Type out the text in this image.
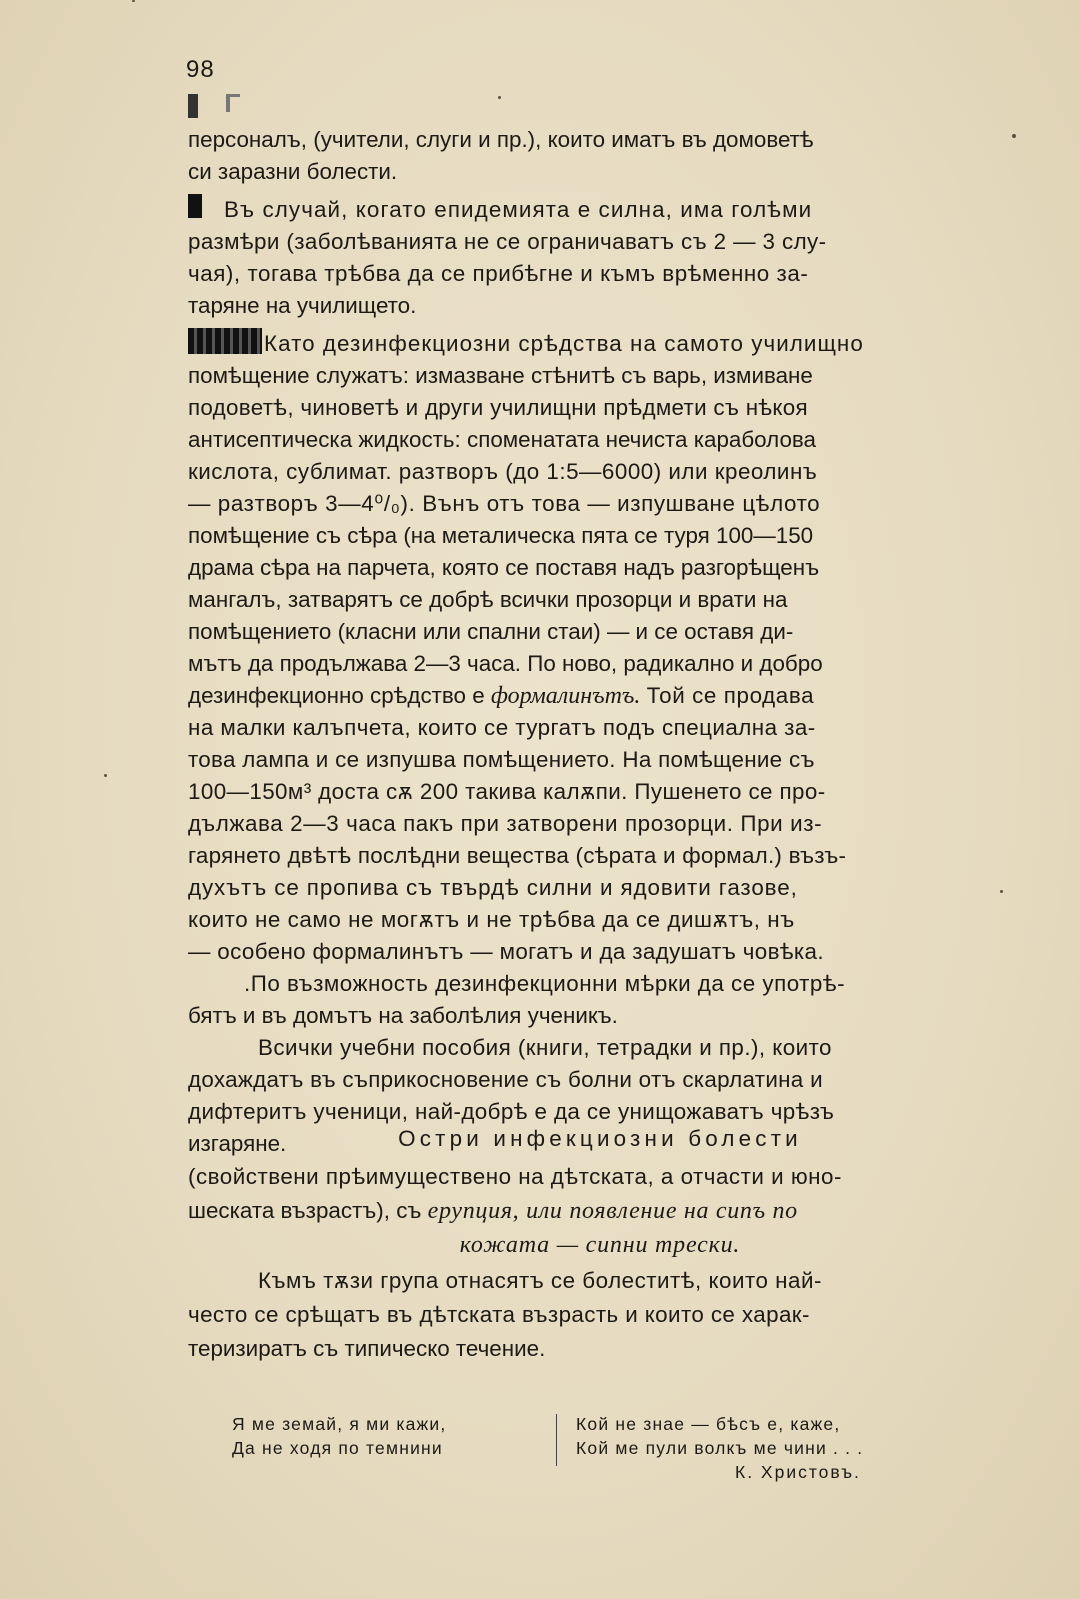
98
персоналъ, (учители, слуги и пр.), които иматъ въ домоветѣ
си заразни болести.
Въ случай, когато епидемията е силна, има голѣми
размѣри (заболѣванията не се ограничаватъ съ 2 — 3 слу-
чая), тогава трѣбва да се прибѣгне и къмъ врѣменно за-
таряне на училището.
Като дезинфекциозни срѣдства на самото училищно
помѣщение служатъ: измазване стѣнитѣ съ варь, измиване
подоветѣ, чиноветѣ и други училищни прѣдмети съ нѣкоя
антисептическа жидкость: споменатата нечиста караболова
кислота, сублимат. разтворъ (до 1:5—6000) или креолинъ
— разтворъ 3—4⁰/₀). Вънъ отъ това — изпушване цѣлото
помѣщение съ сѣра (на металическа пята се туря 100—150
драма сѣра на парчета, която се поставя надъ разгорѣщенъ
мангалъ, затварятъ се добрѣ всички прозорци и врати на
помѣщението (класни или спални стаи) — и се оставя ди-
мътъ да продължава 2—3 часа. По ново, радикално и добро
дезинфекционно срѣдство е
формалинътъ.
Той се продава
на малки калъпчета, които се тургатъ подъ специална за-
това лампа и се изпушва помѣщението. На помѣщение съ
100—150м³ доста сѫ 200 такива калѫпи. Пушенето се про-
дължава 2—3 часа пакъ при затворени прозорци. При из-
гарянето двѣтѣ послѣдни вещества (сѣрата и формал.) възъ-
духътъ се пропива съ твърдѣ силни и ядовити газове,
които не само не могѫтъ и не трѣбва да се дишѫтъ, нъ
— особено формалинътъ — могатъ и да задушатъ човѣка.
.По възможность дезинфекционни мѣрки да се употрѣ-
бятъ и въ домътъ на заболѣлия ученикъ.
Всички учебни пособия (книги, тетрадки и пр.), които
дохаждатъ въ съприкосновение съ болни отъ скарлатина и
дифтеритъ ученици, най-добрѣ е да се унищожаватъ чрѣзъ
изгаряне.	Остри инфекциозни болести
(свойствени прѣимуществено на дѣтската, а отчасти и юно-
шеската възрастъ), съ ерупция, или появление на сипъ по
кожата — сипни трески.
Къмъ тѫзи група отнасятъ се болеститѣ, които най-
често се срѣщатъ въ дѣтската възрасть и които се харак-
теризиратъ съ типическо течение.
Я ме земай, я ми кажи,
Да не ходя по темнини
Кой не знае — бѣсъ е, каже,
Кой ме пули волкъ ме чини . . .
К. Христовъ.
